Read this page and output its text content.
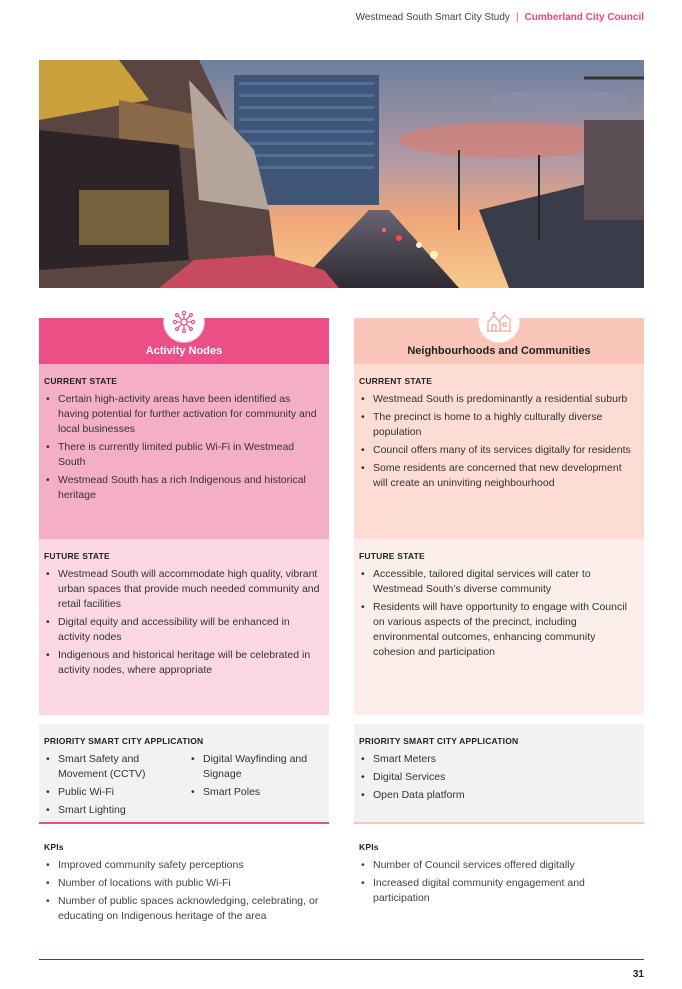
Westmead South Smart City Study | Cumberland City Council
Activity Nodes
CURRENT STATE
• Certain high-activity areas have been identified as having potential for further activation for community and local businesses
• There is currently limited public Wi-Fi in Westmead South
• Westmead South has a rich Indigenous and historical heritage
FUTURE STATE
• Westmead South will accommodate high quality, vibrant urban spaces that provide much needed community and retail facilities
• Digital equity and accessibility will be enhanced in activity nodes
• Indigenous and historical heritage will be celebrated in activity nodes, where appropriate
PRIORITY SMART CITY APPLICATION
• Smart Safety and Movement (CCTV)
• Public Wi-Fi
• Smart Lighting
• Digital Wayfinding and Signage
• Smart Poles
KPIs
• Improved community safety perceptions
• Number of locations with public Wi-Fi
• Number of public spaces acknowledging, celebrating, or educating on Indigenous heritage of the area
Neighbourhoods and Communities
CURRENT STATE
• Westmead South is predominantly a residential suburb
• The precinct is home to a highly culturally diverse population
• Council offers many of its services digitally for residents
• Some residents are concerned that new development will create an uninviting neighbourhood
FUTURE STATE
• Accessible, tailored digital services will cater to Westmead South’s diverse community
• Residents will have opportunity to engage with Council on various aspects of the precinct, including environmental outcomes, enhancing community cohesion and participation
PRIORITY SMART CITY APPLICATION
• Smart Meters
• Digital Services
• Open Data platform
KPIs
• Number of Council services offered digitally
• Increased digital community engagement and participation
31
